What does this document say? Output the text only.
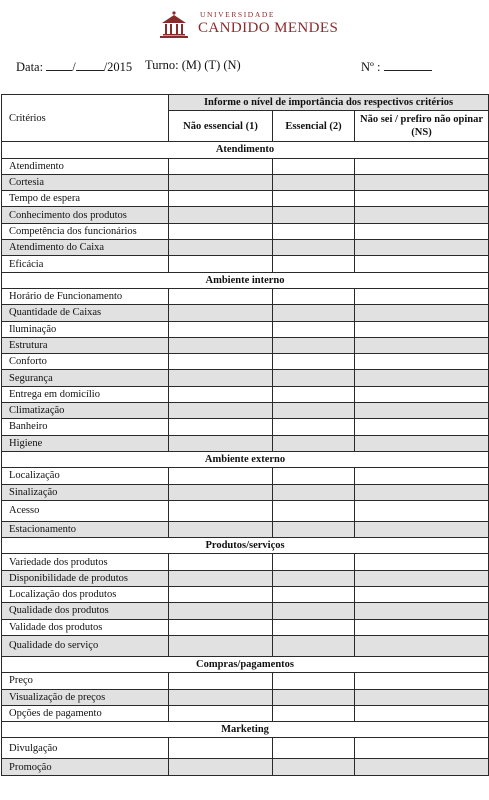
UNIVERSIDADE
CANDIDO MENDES
Data: / /2015 Turno: (M) (T) (N)	Nº :
Critérios	Informe o nível de importância dos respectivos critérios		
	Não essencial (1)	Essencial (2)	Não sei / prefiro não opinar (NS)
Atendimento			
Atendimento			
Cortesia			
Tempo de espera			
Conhecimento dos produtos			
Competência dos funcionários			
Atendimento do Caixa			
Eficácia			
Ambiente interno			
Horário de Funcionamento			
Quantidade de Caixas			
Iluminação			
Estrutura			
Conforto			
Segurança			
Entrega em domicílio			
Climatização			
Banheiro			
Higiene			
Ambiente externo			
Localização			
Sinalização			
Acesso			
Estacionamento			
Produtos/serviços			
Variedade dos produtos			
Disponibilidade de produtos			
Localização dos produtos			
Qualidade dos produtos			
Validade dos produtos			
Qualidade do serviço			
Compras/pagamentos			
Preço			
Visualização de preços			
Opções de pagamento			
Marketing			
Divulgação			
Promoção			
